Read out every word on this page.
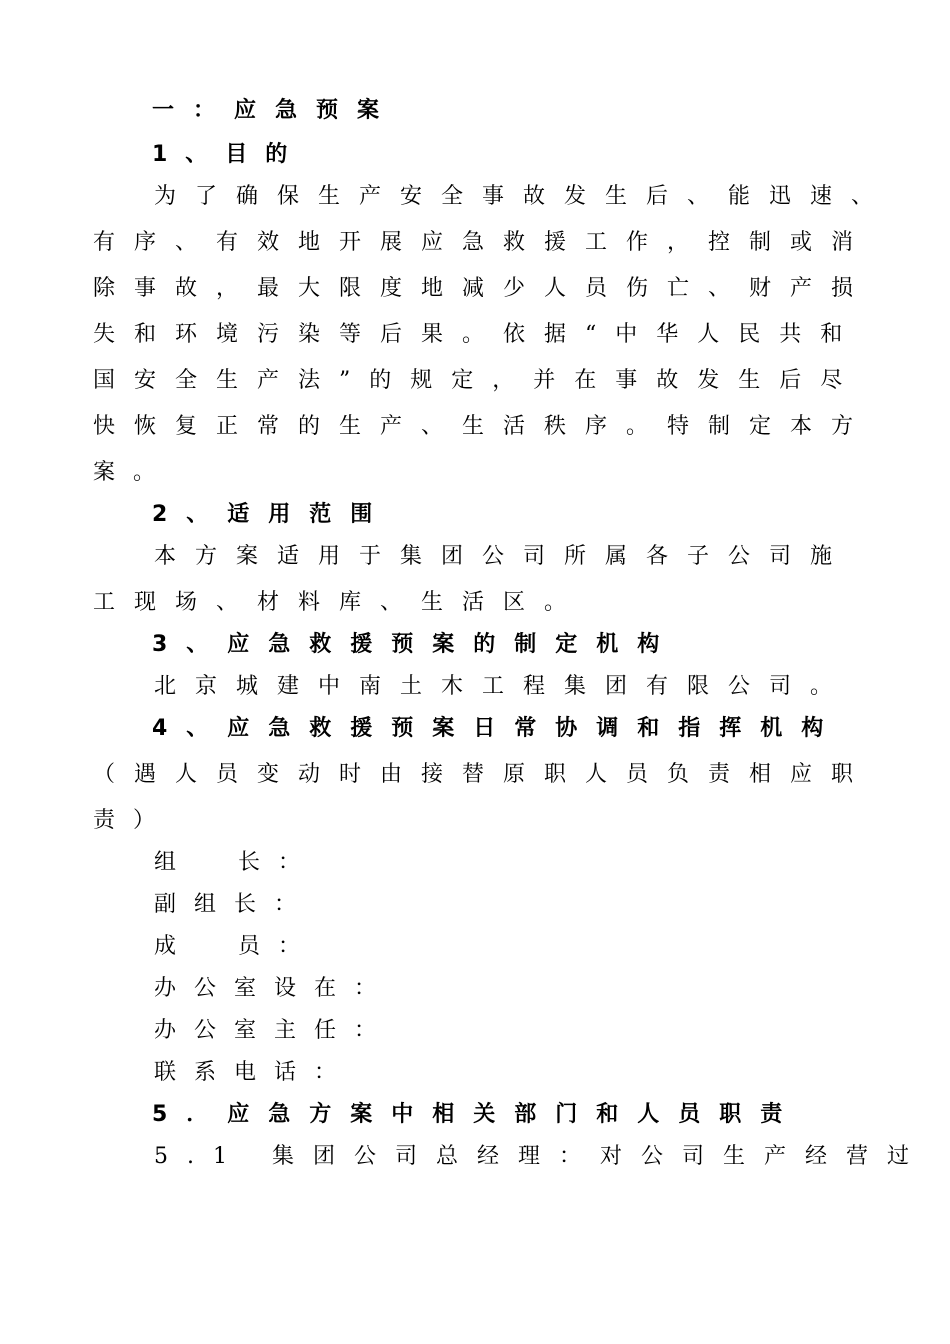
一：应急预案
1、目的
为了确保生产安全事故发生后、能迅速、
有序、有效地开展应急救援工作，控制或消
除事故，最大限度地减少人员伤亡、财产损
失和环境污染等后果。依据“中华人民共和
国安全生产法”的规定，并在事故发生后尽
快恢复正常的生产、生活秩序。特制定本方
案。
2、适用范围
本方案适用于集团公司所属各子公司施
工现场、材料库、生活区。
3、应急救援预案的制定机构
北京城建中南土木工程集团有限公司。
4、应急救援预案日常协调和指挥机构
（遇人员变动时由接替原职人员负责相应职
责）
组 长：
副组长：
成 员：
办公室设在：
办公室主任：
联系电话：
5．应急方案中相关部门和人员职责
5.1 集团公司总经理：对公司生产经营过
